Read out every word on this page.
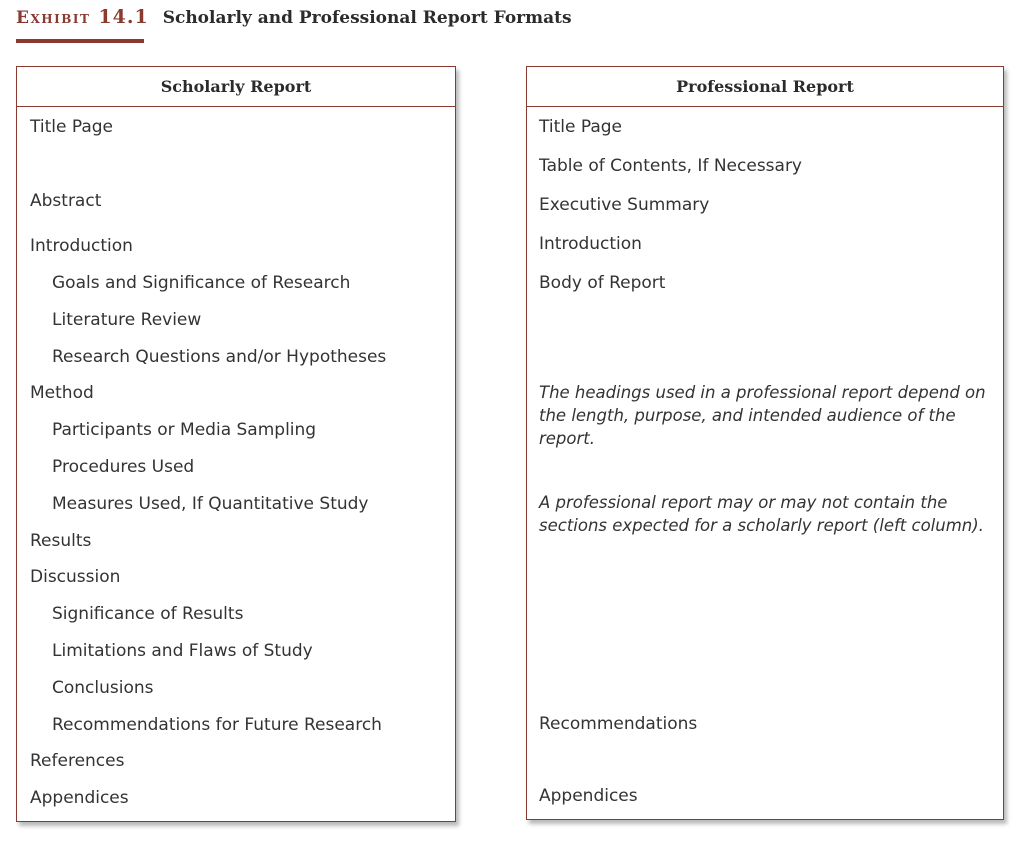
Exhibit 14.1 Scholarly and Professional Report Formats
Scholarly Report
Title Page
Abstract
Introduction
Goals and Significance of Research
Literature Review
Research Questions and/or Hypotheses
Method
Participants or Media Sampling
Procedures Used
Measures Used, If Quantitative Study
Results
Discussion
Significance of Results
Limitations and Flaws of Study
Conclusions
Recommendations for Future Research
References
Appendices
Professional Report
Title Page
Table of Contents, If Necessary
Executive Summary
Introduction
Body of Report
The headings used in a professional report depend on the length, purpose, and intended audience of the report.
A professional report may or may not contain the sections expected for a scholarly report (left column).
Recommendations
Appendices
